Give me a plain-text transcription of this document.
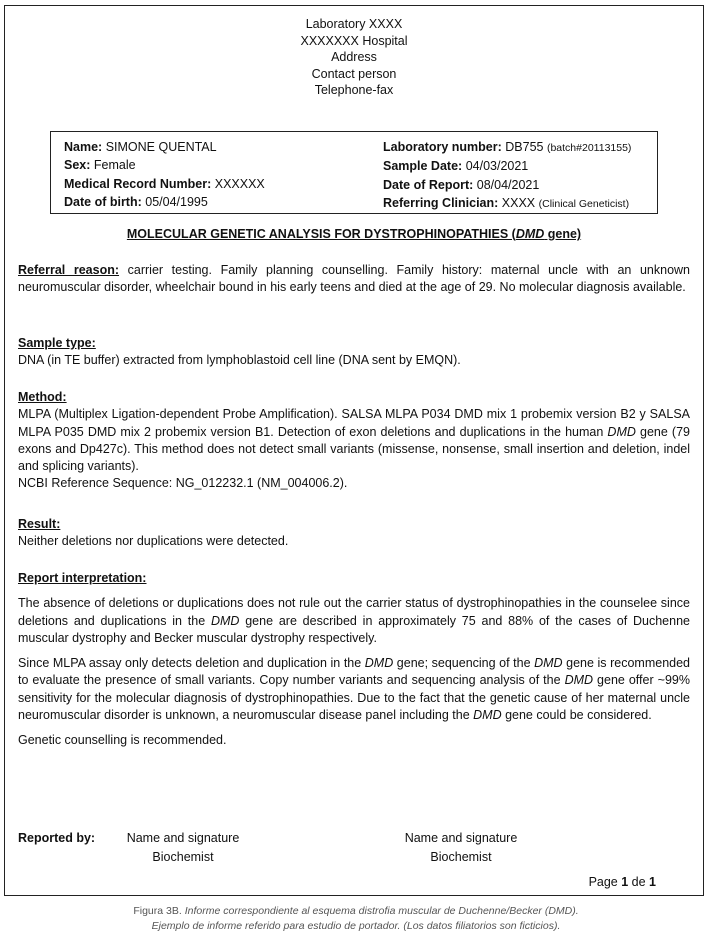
Laboratory XXXX
XXXXXXX Hospital
Address
Contact person
Telephone-fax
Name: SIMONE QUENTAL
Sex: Female
Medical Record Number: XXXXXX
Date of birth: 05/04/1995
Laboratory number: DB755 (batch#20113155)
Sample Date: 04/03/2021
Date of Report: 08/04/2021
Referring Clinician: XXXX (Clinical Geneticist)
MOLECULAR GENETIC ANALYSIS FOR DYSTROPHINOPATHIES (DMD gene)
Referral reason: carrier testing. Family planning counselling. Family history: maternal uncle with an unknown neuromuscular disorder, wheelchair bound in his early teens and died at the age of 29. No molecular diagnosis available.
Sample type:
DNA (in TE buffer) extracted from lymphoblastoid cell line (DNA sent by EMQN).
Method:
MLPA (Multiplex Ligation-dependent Probe Amplification). SALSA MLPA P034 DMD mix 1 probemix version B2 y SALSA MLPA P035 DMD mix 2 probemix version B1. Detection of exon deletions and duplications in the human DMD gene (79 exons and Dp427c). This method does not detect small variants (missense, nonsense, small insertion and deletion, indel and splicing variants).
NCBI Reference Sequence: NG_012232.1 (NM_004006.2).
Result:
Neither deletions nor duplications were detected.
Report interpretation:
The absence of deletions or duplications does not rule out the carrier status of dystrophinopathies in the counselee since deletions and duplications in the DMD gene are described in approximately 75 and 88% of the cases of Duchenne muscular dystrophy and Becker muscular dystrophy respectively.
Since MLPA assay only detects deletion and duplication in the DMD gene; sequencing of the DMD gene is recommended to evaluate the presence of small variants. Copy number variants and sequencing analysis of the DMD gene offer ~99% sensitivity for the molecular diagnosis of dystrophinopathies. Due to the fact that the genetic cause of her maternal uncle neuromuscular disorder is unknown, a neuromuscular disease panel including the DMD gene could be considered.
Genetic counselling is recommended.
Reported by:	Name and signature
Biochemist
Name and signature
Biochemist
Page 1 de 1
Figura 3B. Informe correspondiente al esquema distrofia muscular de Duchenne/Becker (DMD).
Ejemplo de informe referido para estudio de portador. (Los datos filiatorios son ficticios).
